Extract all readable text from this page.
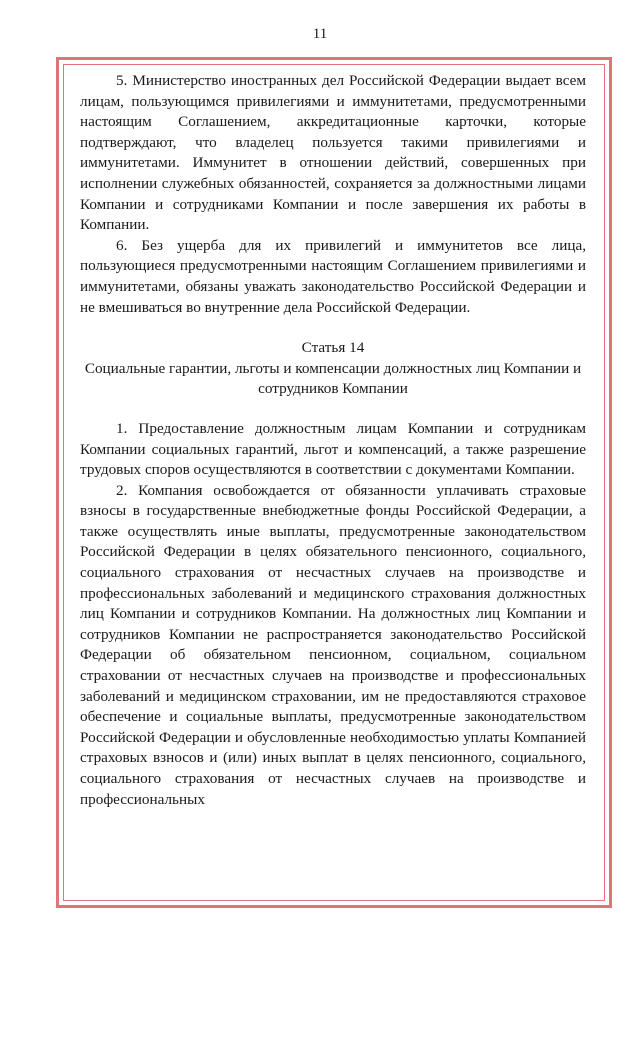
11

5. Министерство иностранных дел Российской Федерации выдает всем лицам, пользующимся привилегиями и иммунитетами, предусмотренными настоящим Соглашением, аккредитационные карточки, которые подтверждают, что владелец пользуется такими привилегиями и иммунитетами. Иммунитет в отношении действий, совершенных при исполнении служебных обязанностей, сохраняется за должностными лицами Компании и сотрудниками Компании и после завершения их работы в Компании.

6. Без ущерба для их привилегий и иммунитетов все лица, пользующиеся предусмотренными настоящим Соглашением привилегиями и иммунитетами, обязаны уважать законодательство Российской Федерации и не вмешиваться во внутренние дела Российской Федерации.

Статья 14
Социальные гарантии, льготы и компенсации должностных лиц Компании и сотрудников Компании

1. Предоставление должностным лицам Компании и сотрудникам Компании социальных гарантий, льгот и компенсаций, а также разрешение трудовых споров осуществляются в соответствии с документами Компании.

2. Компания освобождается от обязанности уплачивать страховые взносы в государственные внебюджетные фонды Российской Федерации, а также осуществлять иные выплаты, предусмотренные законодательством Российской Федерации в целях обязательного пенсионного, социального, социального страхования от несчастных случаев на производстве и профессиональных заболеваний и медицинского страхования должностных лиц Компании и сотрудников Компании. На должностных лиц Компании и сотрудников Компании не распространяется законодательство Российской Федерации об обязательном пенсионном, социальном, социальном страховании от несчастных случаев на производстве и профессиональных заболеваний и медицинском страховании, им не предоставляются страховое обеспечение и социальные выплаты, предусмотренные законодательством Российской Федерации и обусловленные необходимостью уплаты Компанией страховых взносов и (или) иных выплат в целях пенсионного, социального, социального страхования от несчастных случаев на производстве и профессиональных
